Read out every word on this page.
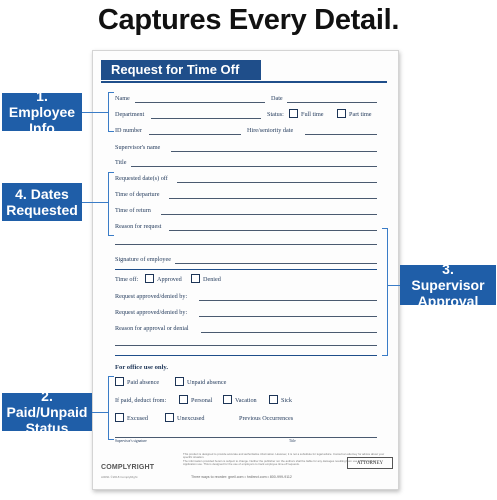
Captures Every Detail.
Request for Time Off
Name	Date
Department	Status:	Full time	Part time
ID number	Hire/seniority date
Supervisor's name
Title
Requested date(s) off
Time of departure
Time of return
Reason for request
Signature of employee
Time off:	Approved	Denied
Request approved/denied by:
Request approved/denied by:
Reason for approval or denial
For office use only.
Paid absence	Unpaid absence
If paid, deduct from:	Personal	Vacation	Sick
Excused	Unexcused	Previous Occurrences
Supervisor's signature	Title
This product is designed to provide accurate and authoritative information. However, it is not a substitute for legal advice. Consult an attorney for advice about your specific situation.
The information provided herein is subject to change. Neither the publisher nor the authors shall be liable for any damages resulting from use of this product.
Application use. This is designed for the use of employers to track employee time-off requests.
COMPLYRIGHT
ATTORNEY
A0091 ©2018 ComplyRight	Three ways to reorder: gneil.com • hrdirect.com • 800-999-9112
1. Employee
Info
4. Dates
Requested
3. Supervisor
Approval
2. Paid/Unpaid
Status
